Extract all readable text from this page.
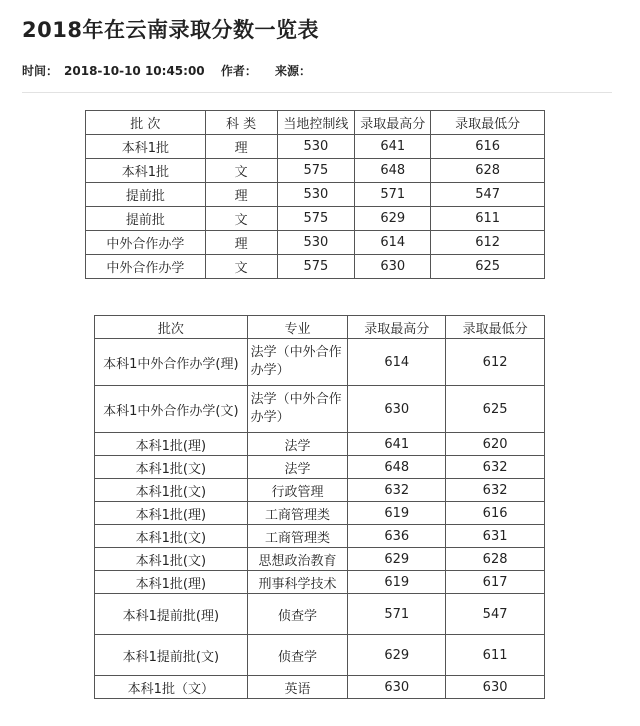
2018年在云南录取分数一览表
时间： 2018-10-10 10:45:00 作者： 来源：
批 次	科 类	当地控制线	录取最高分	录取最低分
本科1批	理	530	641	616
本科1批	文	575	648	628
提前批	理	530	571	547
提前批	文	575	629	611
中外合作办学	理	530	614	612
中外合作办学	文	575	630	625
批次	专业	录取最高分	录取最低分
本科1中外合作办学(理)	法学（中外合作办学）	614	612
本科1中外合作办学(文)	法学（中外合作办学）	630	625
本科1批(理)	法学	641	620
本科1批(文)	法学	648	632
本科1批(文)	行政管理	632	632
本科1批(理)	工商管理类	619	616
本科1批(文)	工商管理类	636	631
本科1批(文)	思想政治教育	629	628
本科1批(理)	刑事科学技术	619	617
本科1提前批(理)	侦查学	571	547
本科1提前批(文)	侦查学	629	611
本科1批（文）	英语	630	630
